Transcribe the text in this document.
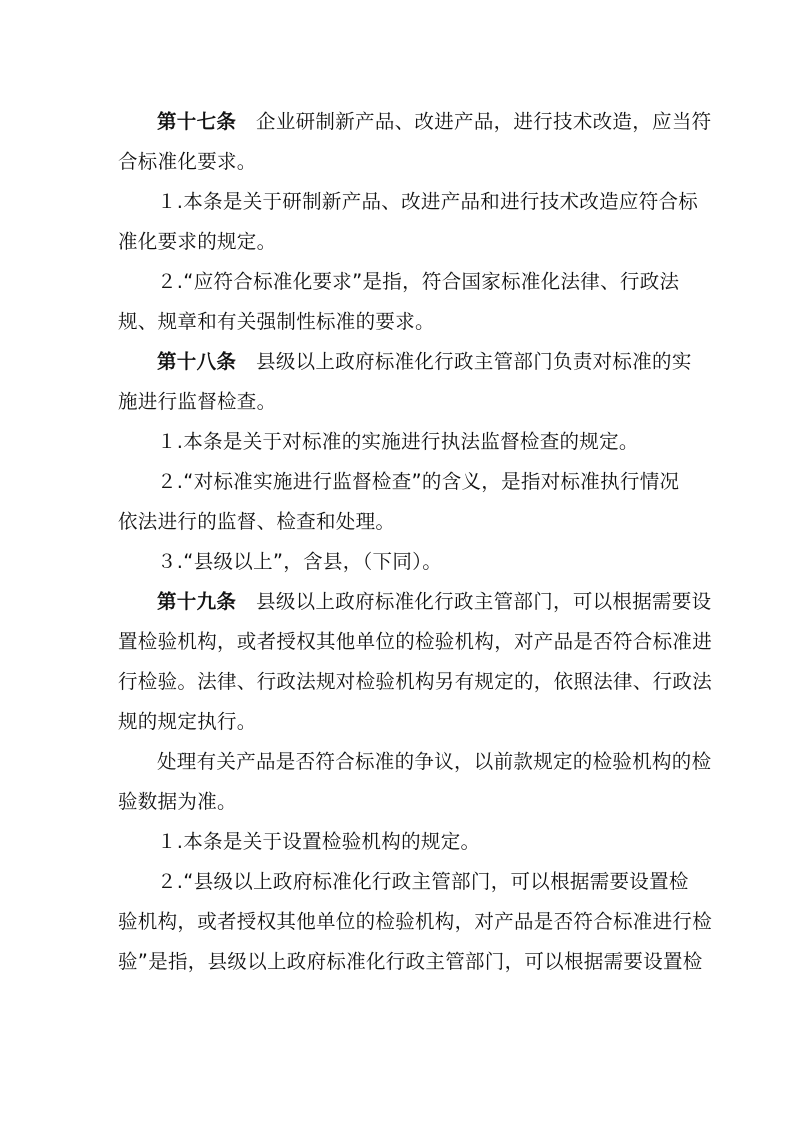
第十七条　 企业研制新产品、改进产品，进行技术改造，应当符
合标准化要求。
１.本条是关于研制新产品、改进产品和进行技术改造应符合标
准化要求的规定。
２.“应符合标准化要求”是指，符合国家标准化法律、行政法
规、规章和有关强制性标准的要求。
第十八条　 县级以上政府标准化行政主管部门负责对标准的实
施进行监督检查。
１.本条是关于对标准的实施进行执法监督检查的规定。
２.“对标准实施进行监督检查”的含义，是指对标准执行情况
依法进行的监督、检查和处理。
３.“县级以上”，含县，（下同）。
第十九条　 县级以上政府标准化行政主管部门，可以根据需要设
置检验机构，或者授权其他单位的检验机构，对产品是否符合标准进
行检验。法律、行政法规对检验机构另有规定的，依照法律、行政法
规的规定执行。
处理有关产品是否符合标准的争议，以前款规定的检验机构的检
验数据为准。
１.本条是关于设置检验机构的规定。
２.“县级以上政府标准化行政主管部门，可以根据需要设置检
验机构，或者授权其他单位的检验机构，对产品是否符合标准进行检
验”是指，县级以上政府标准化行政主管部门，可以根据需要设置检
